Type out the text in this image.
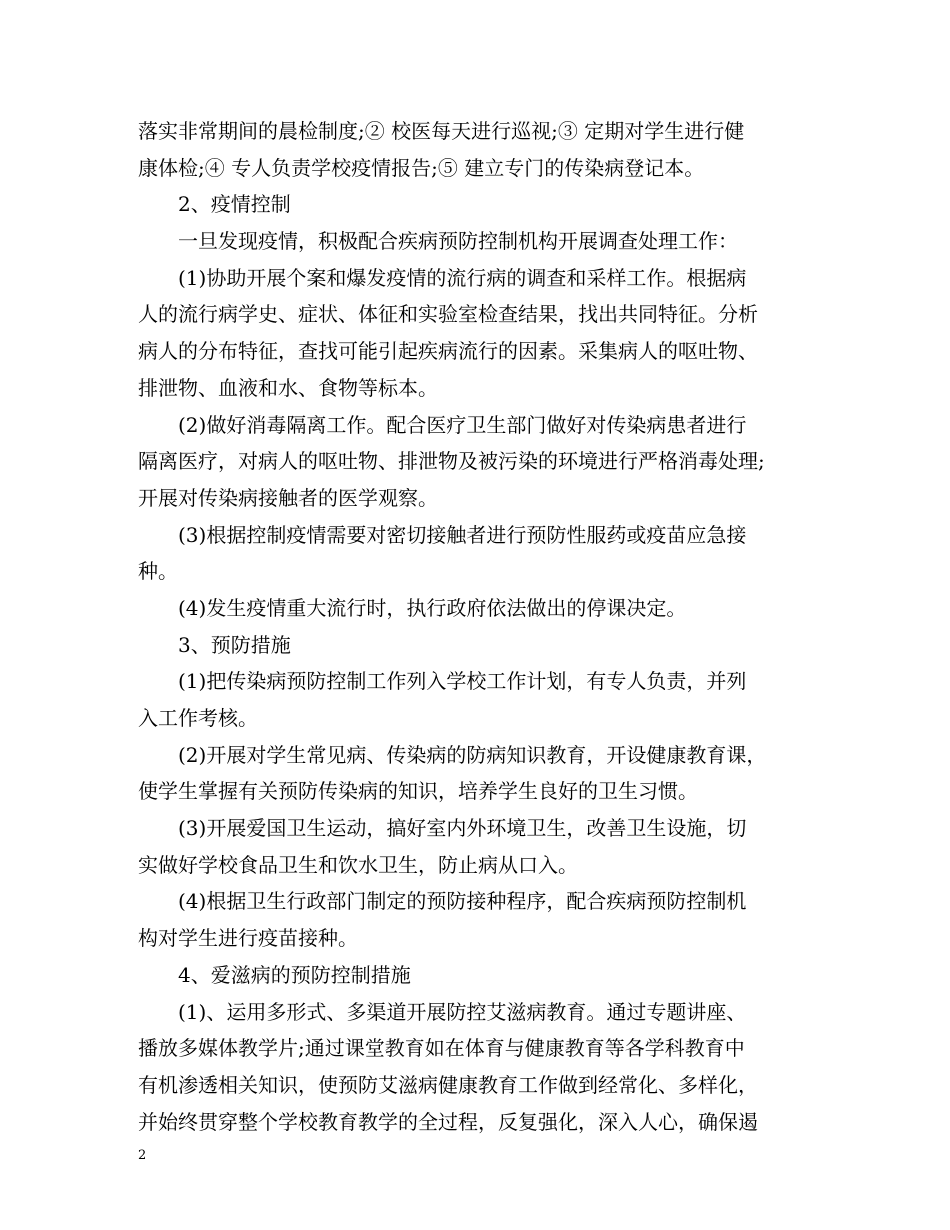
落实非常期间的晨检制度;② 校医每天进行巡视;③ 定期对学生进行健
康体检;④ 专人负责学校疫情报告;⑤ 建立专门的传染病登记本。
2、疫情控制
一旦发现疫情，积极配合疾病预防控制机构开展调查处理工作：
(1)协助开展个案和爆发疫情的流行病的调查和采样工作。根据病
人的流行病学史、症状、体征和实验室检查结果，找出共同特征。分析
病人的分布特征，查找可能引起疾病流行的因素。采集病人的呕吐物、
排泄物、血液和水、食物等标本。
(2)做好消毒隔离工作。配合医疗卫生部门做好对传染病患者进行
隔离医疗，对病人的呕吐物、排泄物及被污染的环境进行严格消毒处理;
开展对传染病接触者的医学观察。
(3)根据控制疫情需要对密切接触者进行预防性服药或疫苗应急接
种。
(4)发生疫情重大流行时，执行政府依法做出的停课决定。
3、预防措施
(1)把传染病预防控制工作列入学校工作计划，有专人负责，并列
入工作考核。
(2)开展对学生常见病、传染病的防病知识教育，开设健康教育课，
使学生掌握有关预防传染病的知识，培养学生良好的卫生习惯。
(3)开展爱国卫生运动，搞好室内外环境卫生，改善卫生设施，切
实做好学校食品卫生和饮水卫生，防止病从口入。
(4)根据卫生行政部门制定的预防接种程序，配合疾病预防控制机
构对学生进行疫苗接种。
4、爱滋病的预防控制措施
(1)、运用多形式、多渠道开展防控艾滋病教育。通过专题讲座、
播放多媒体教学片;通过课堂教育如在体育与健康教育等各学科教育中
有机渗透相关知识，使预防艾滋病健康教育工作做到经常化、多样化，
并始终贯穿整个学校教育教学的全过程，反复强化，深入人心，确保遏
2
